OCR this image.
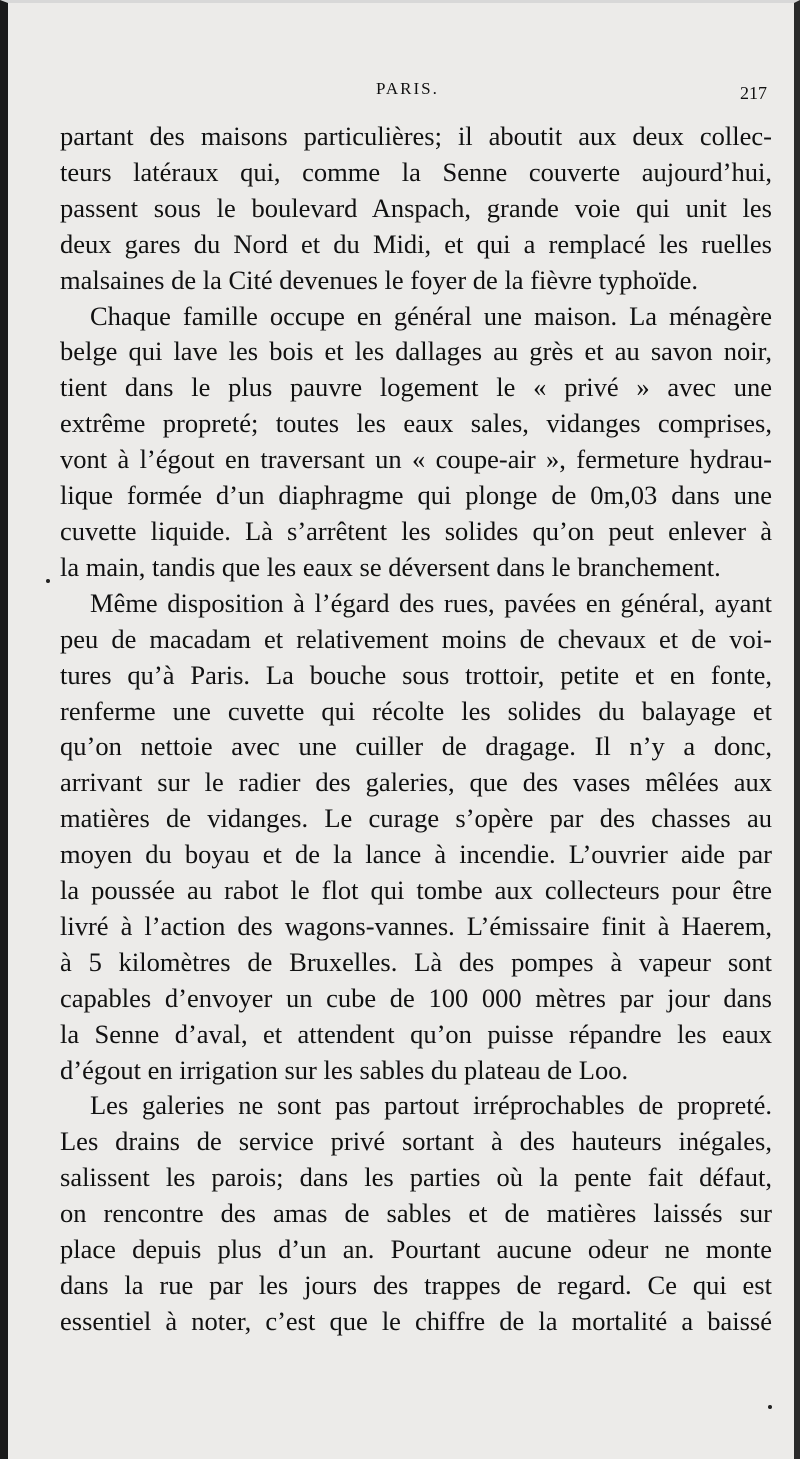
PARIS.	217
partant des maisons particulières; il aboutit aux deux collec-
teurs latéraux qui, comme la Senne couverte aujourd’hui,
passent sous le boulevard Anspach, grande voie qui unit les
deux gares du Nord et du Midi, et qui a remplacé les ruelles
malsaines de la Cité devenues le foyer de la fièvre typhoïde.
Chaque famille occupe en général une maison. La ménagère
belge qui lave les bois et les dallages au grès et au savon noir,
tient dans le plus pauvre logement le « privé » avec une
extrême propreté; toutes les eaux sales, vidanges comprises,
vont à l’égout en traversant un « coupe-air », fermeture hydrau-
lique formée d’un diaphragme qui plonge de 0m,03 dans une
cuvette liquide. Là s’arrêtent les solides qu’on peut enlever à
la main, tandis que les eaux se déversent dans le branchement.
Même disposition à l’égard des rues, pavées en général, ayant
peu de macadam et relativement moins de chevaux et de voi-
tures qu’à Paris. La bouche sous trottoir, petite et en fonte,
renferme une cuvette qui récolte les solides du balayage et
qu’on nettoie avec une cuiller de dragage. Il n’y a donc,
arrivant sur le radier des galeries, que des vases mêlées aux
matières de vidanges. Le curage s’opère par des chasses au
moyen du boyau et de la lance à incendie. L’ouvrier aide par
la poussée au rabot le flot qui tombe aux collecteurs pour être
livré à l’action des wagons-vannes. L’émissaire finit à Haerem,
à 5 kilomètres de Bruxelles. Là des pompes à vapeur sont
capables d’envoyer un cube de 100 000 mètres par jour dans
la Senne d’aval, et attendent qu’on puisse répandre les eaux
d’égout en irrigation sur les sables du plateau de Loo.
Les galeries ne sont pas partout irréprochables de propreté.
Les drains de service privé sortant à des hauteurs inégales,
salissent les parois; dans les parties où la pente fait défaut,
on rencontre des amas de sables et de matières laissés sur
place depuis plus d’un an. Pourtant aucune odeur ne monte
dans la rue par les jours des trappes de regard. Ce qui est
essentiel à noter, c’est que le chiffre de la mortalité a baissé
